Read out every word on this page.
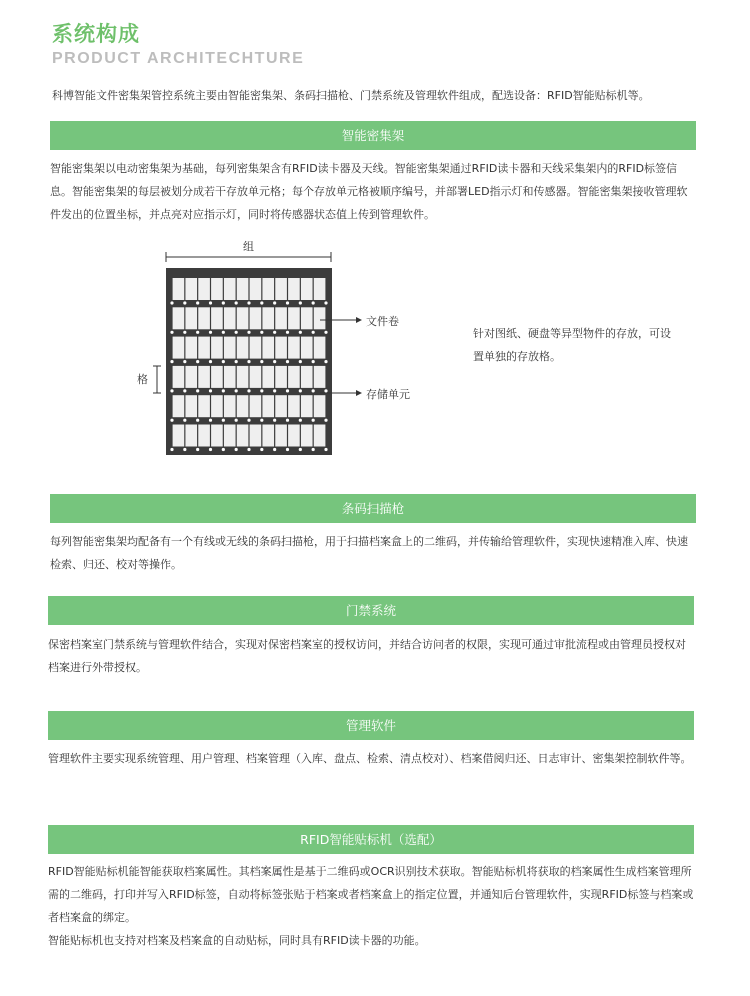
系统构成
PRODUCT ARCHITECHTURE
科博智能文件密集架管控系统主要由智能密集架、条码扫描枪、门禁系统及管理软件组成，配选设备：RFID智能贴标机等。
智能密集架

智能密集架以电动密集架为基础，每列密集架含有RFID读卡器及天线。智能密集架通过RFID读卡器和天线采集架内的RFID标签信息。智能密集架的每层被划分成若干存放单元格；每个存放单元格被顺序编号，并部署LED指示灯和传感器。智能密集架接收管理软件发出的位置坐标，并点亮对应指示灯，同时将传感器状态值上传到管理软件。

组
格
文件卷
存储单元
针对图纸、硬盘等异型物件的存放，可设置单独的存放格。
条码扫描枪

每列智能密集架均配备有一个有线或无线的条码扫描枪，用于扫描档案盒上的二维码，并传输给管理软件，实现快速精准入库、快速检索、归还、校对等操作。

门禁系统

保密档案室门禁系统与管理软件结合，实现对保密档案室的授权访问，并结合访问者的权限，实现可通过审批流程或由管理员授权对档案进行外带授权。

管理软件

管理软件主要实现系统管理、用户管理、档案管理（入库、盘点、检索、清点校对）、档案借阅归还、日志审计、密集架控制软件等。

RFID智能贴标机（选配）

RFID智能贴标机能智能获取档案属性。其档案属性是基于二维码或OCR识别技术获取。智能贴标机将获取的档案属性生成档案管理所需的二维码，打印并写入RFID标签，自动将标签张贴于档案或者档案盒上的指定位置，并通知后台管理软件，实现RFID标签与档案或者档案盒的绑定。

智能贴标机也支持对档案及档案盒的自动贴标，同时具有RFID读卡器的功能。
